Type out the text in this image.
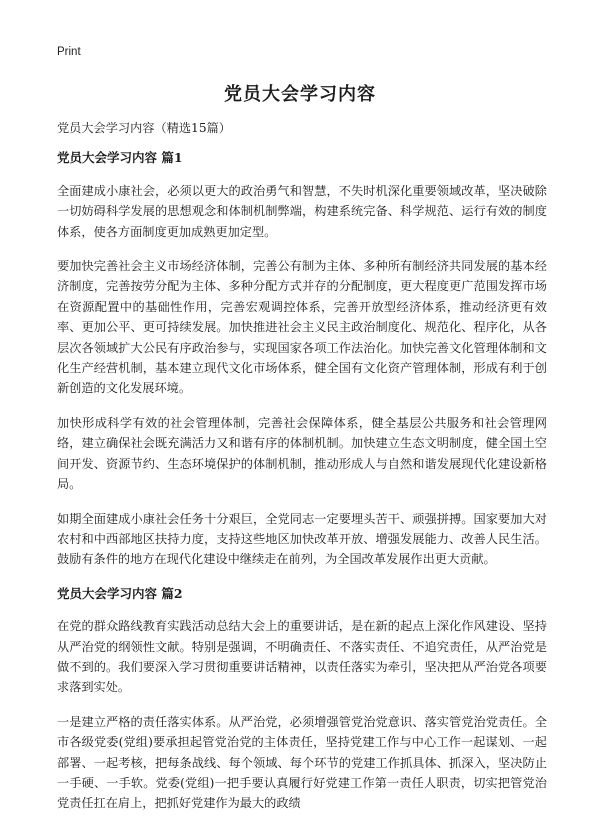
Print
党员大会学习内容

党员大会学习内容（精选15篇）

党员大会学习内容 篇1

全面建成小康社会，必须以更大的政治勇气和智慧，不失时机深化重要领域改革，坚决破除一切妨碍科学发展的思想观念和体制机制弊端，构建系统完备、科学规范、运行有效的制度体系，使各方面制度更加成熟更加定型。

要加快完善社会主义市场经济体制，完善公有制为主体、多种所有制经济共同发展的基本经济制度，完善按劳分配为主体、多种分配方式并存的分配制度，更大程度更广范围发挥市场在资源配置中的基础性作用，完善宏观调控体系，完善开放型经济体系，推动经济更有效率、更加公平、更可持续发展。加快推进社会主义民主政治制度化、规范化、程序化，从各层次各领域扩大公民有序政治参与，实现国家各项工作法治化。加快完善文化管理体制和文化生产经营机制，基本建立现代文化市场体系，健全国有文化资产管理体制，形成有利于创新创造的文化发展环境。

加快形成科学有效的社会管理体制，完善社会保障体系，健全基层公共服务和社会管理网络，建立确保社会既充满活力又和谐有序的体制机制。加快建立生态文明制度，健全国土空间开发、资源节约、生态环境保护的体制机制，推动形成人与自然和谐发展现代化建设新格局。

如期全面建成小康社会任务十分艰巨，全党同志一定要埋头苦干、顽强拼搏。国家要加大对农村和中西部地区扶持力度，支持这些地区加快改革开放、增强发展能力、改善人民生活。鼓励有条件的地方在现代化建设中继续走在前列，为全国改革发展作出更大贡献。

党员大会学习内容 篇2

在党的群众路线教育实践活动总结大会上的重要讲话，是在新的起点上深化作风建设、坚持从严治党的纲领性文献。特别是强调，不明确责任、不落实责任、不追究责任，从严治党是做不到的。我们要深入学习贯彻重要讲话精神，以责任落实为牵引，坚决把从严治党各项要求落到实处。

一是建立严格的责任落实体系。从严治党，必须增强管党治党意识、落实管党治党责任。全市各级党委(党组)要承担起管党治党的主体责任，坚持党建工作与中心工作一起谋划、一起部署、一起考核，把每条战线、每个领域、每个环节的党建工作抓具体、抓深入，坚决防止一手硬、一手软。党委(党组)一把手要认真履行好党建工作第一责任人职责，切实把管党治党责任扛在肩上，把抓好党建作为最大的政绩
